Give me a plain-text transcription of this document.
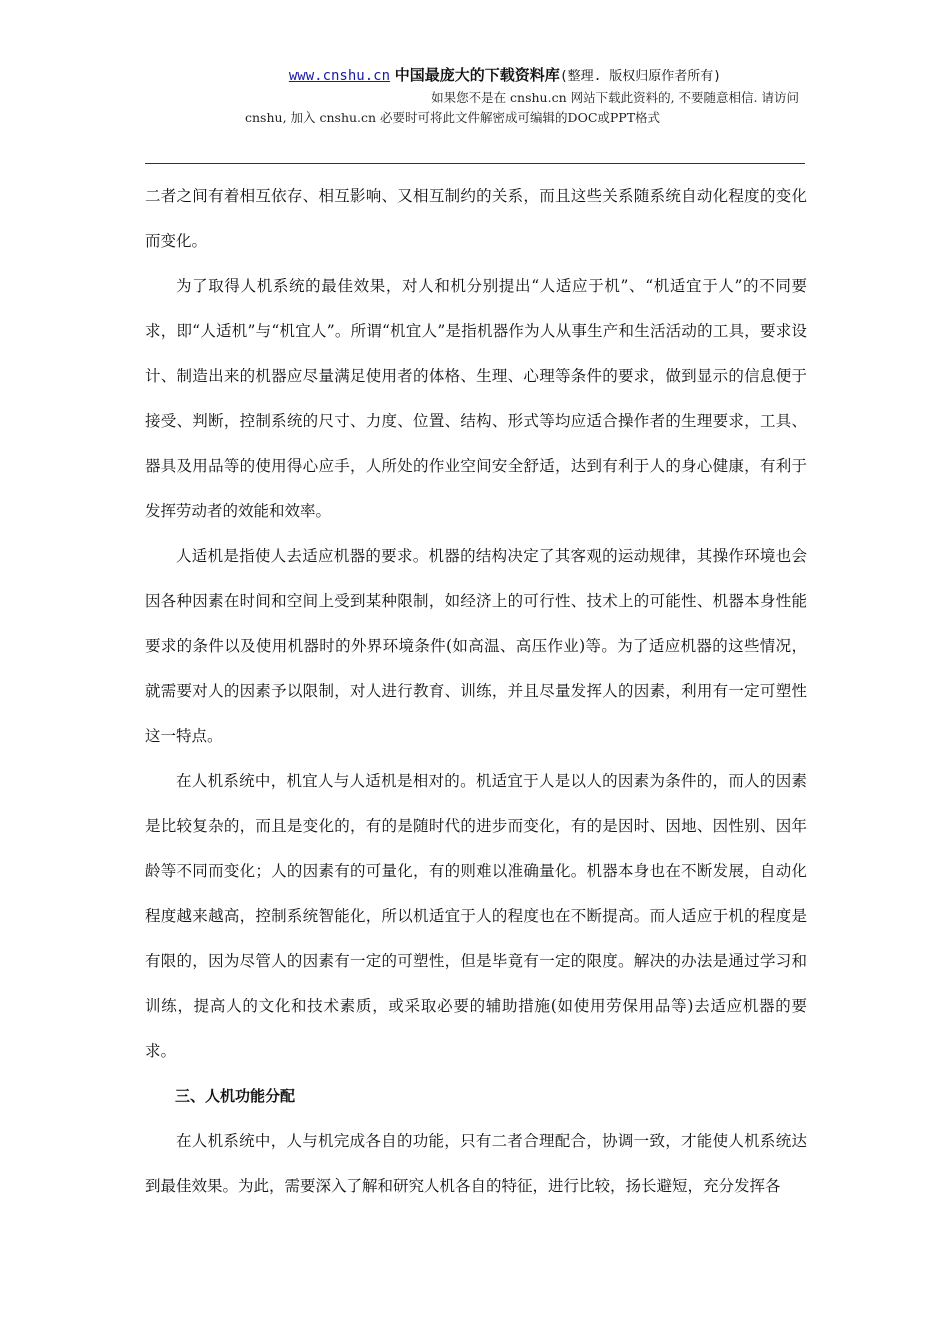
www.cnshu.cn 中国最庞大的下载资料库(整理. 版权归原作者所有)
如果您不是在 cnshu.cn 网站下载此资料的, 不要随意相信. 请访问
cnshu, 加入 cnshu.cn 必要时可将此文件解密成可编辑的DOC或PPT格式

二者之间有着相互依存、相互影响、又相互制约的关系，而且这些关系随系统自动化程度的变化而变化。

为了取得人机系统的最佳效果，对人和机分别提出“人适应于机”、“机适宜于人”的不同要求，即“人适机”与“机宜人”。所谓“机宜人”是指机器作为人从事生产和生活活动的工具，要求设计、制造出来的机器应尽量满足使用者的体格、生理、心理等条件的要求，做到显示的信息便于接受、判断，控制系统的尺寸、力度、位置、结构、形式等均应适合操作者的生理要求，工具、器具及用品等的使用得心应手，人所处的作业空间安全舒适，达到有利于人的身心健康，有利于发挥劳动者的效能和效率。

人适机是指使人去适应机器的要求。机器的结构决定了其客观的运动规律，其操作环境也会因各种因素在时间和空间上受到某种限制，如经济上的可行性、技术上的可能性、机器本身性能要求的条件以及使用机器时的外界环境条件(如高温、高压作业)等。为了适应机器的这些情况，就需要对人的因素予以限制，对人进行教育、训练，并且尽量发挥人的因素，利用有一定可塑性这一特点。

在人机系统中，机宜人与人适机是相对的。机适宜于人是以人的因素为条件的，而人的因素是比较复杂的，而且是变化的，有的是随时代的进步而变化，有的是因时、因地、因性别、因年龄等不同而变化；人的因素有的可量化，有的则难以准确量化。机器本身也在不断发展，自动化程度越来越高，控制系统智能化，所以机适宜于人的程度也在不断提高。而人适应于机的程度是有限的，因为尽管人的因素有一定的可塑性，但是毕竟有一定的限度。解决的办法是通过学习和训练，提高人的文化和技术素质，或采取必要的辅助措施(如使用劳保用品等)去适应机器的要求。

三、人机功能分配

在人机系统中，人与机完成各自的功能，只有二者合理配合，协调一致，才能使人机系统达到最佳效果。为此，需要深入了解和研究人机各自的特征，进行比较，扬长避短，充分发挥各
